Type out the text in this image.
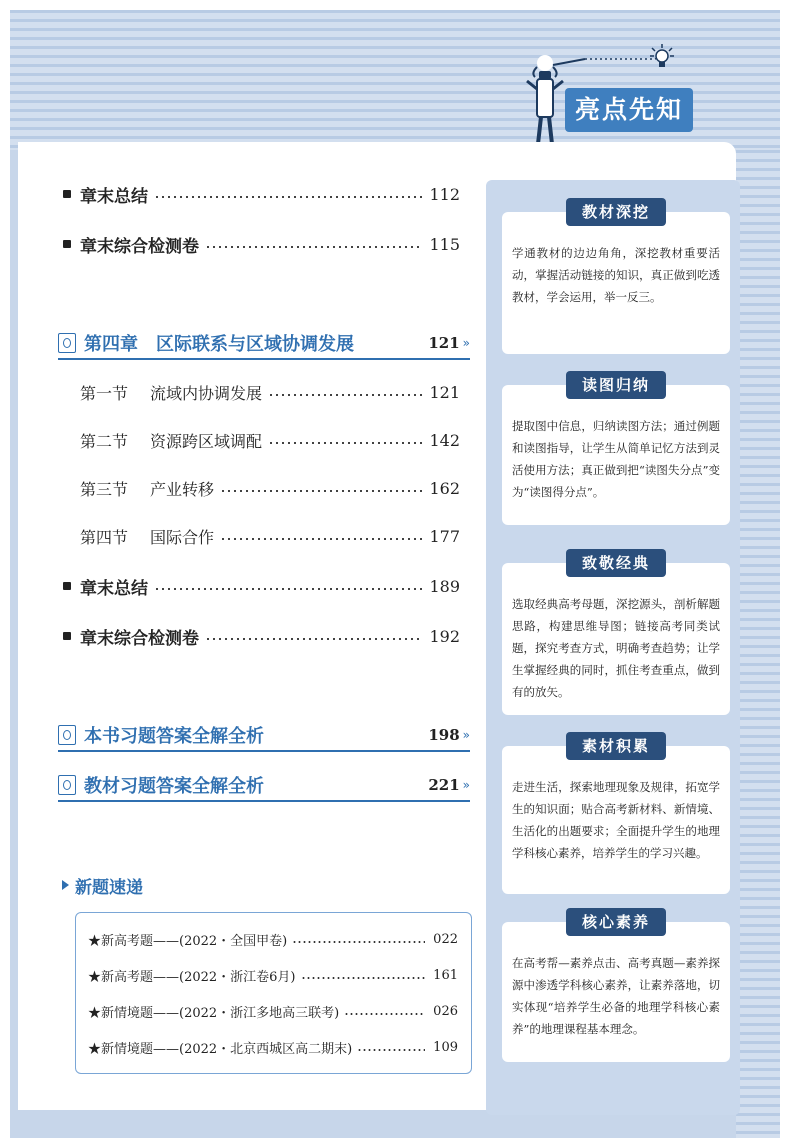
亮点先知
章末总结	112
章末综合检测卷	115
第四章　区际联系与区域协调发展	121 »
第一节 流域内协调发展	121
第二节 资源跨区域调配	142
第三节 产业转移	162
第四节 国际合作	177
章末总结	189
章末综合检测卷	192
本书习题答案全解全析	198 »
教材习题答案全解全析	221 »
新题速递
★新高考题——(2022・全国甲卷)	022
★新高考题——(2022・浙江卷6月)	161
★新情境题——(2022・浙江多地高三联考)	026
★新情境题——(2022・北京西城区高二期末)	109
教材深挖
学通教材的边边角角，深挖教材重要活动，掌握活动链接的知识，真正做到吃透教材，学会运用，举一反三。
读图归纳
提取图中信息，归纳读图方法；通过例题和读图指导，让学生从简单记忆方法到灵活使用方法；真正做到把“读图失分点”变为“读图得分点”。
致敬经典
选取经典高考母题，深挖源头，剖析解题思路，构建思维导图；链接高考同类试题，探究考查方式，明确考查趋势；让学生掌握经典的同时，抓住考查重点，做到有的放矢。
素材积累
走进生活，探索地理现象及规律，拓宽学生的知识面；贴合高考新材料、新情境、生活化的出题要求；全面提升学生的地理学科核心素养，培养学生的学习兴趣。
核心素养
在高考帮—素养点击、高考真题—素养探源中渗透学科核心素养，让素养落地，切实体现“培养学生必备的地理学科核心素养”的地理课程基本理念。
